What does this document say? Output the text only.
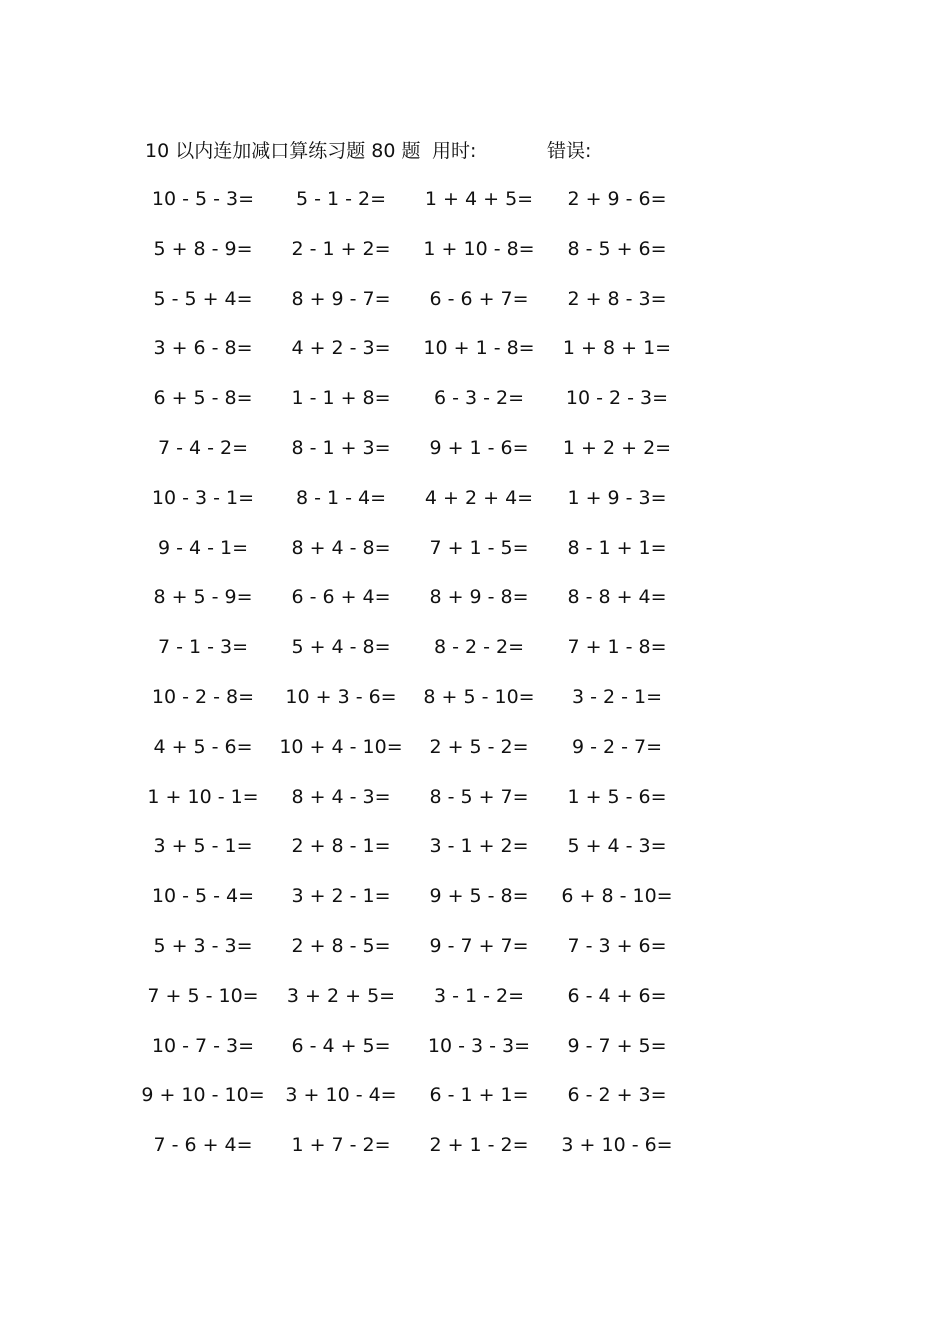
10 以内连加减口算练习题 80 题 用时:	错误:
10 - 5 - 3=	5 - 1 - 2=	1 + 4 + 5=	2 + 9 - 6=
5 + 8 - 9=	2 - 1 + 2=	1 + 10 - 8=	8 - 5 + 6=
5 - 5 + 4=	8 + 9 - 7=	6 - 6 + 7=	2 + 8 - 3=
3 + 6 - 8=	4 + 2 - 3=	10 + 1 - 8=	1 + 8 + 1=
6 + 5 - 8=	1 - 1 + 8=	6 - 3 - 2=	10 - 2 - 3=
7 - 4 - 2=	8 - 1 + 3=	9 + 1 - 6=	1 + 2 + 2=
10 - 3 - 1=	8 - 1 - 4=	4 + 2 + 4=	1 + 9 - 3=
9 - 4 - 1=	8 + 4 - 8=	7 + 1 - 5=	8 - 1 + 1=
8 + 5 - 9=	6 - 6 + 4=	8 + 9 - 8=	8 - 8 + 4=
7 - 1 - 3=	5 + 4 - 8=	8 - 2 - 2=	7 + 1 - 8=
10 - 2 - 8=	10 + 3 - 6=	8 + 5 - 10=	3 - 2 - 1=
4 + 5 - 6=	10 + 4 - 10=	2 + 5 - 2=	9 - 2 - 7=
1 + 10 - 1=	8 + 4 - 3=	8 - 5 + 7=	1 + 5 - 6=
3 + 5 - 1=	2 + 8 - 1=	3 - 1 + 2=	5 + 4 - 3=
10 - 5 - 4=	3 + 2 - 1=	9 + 5 - 8=	6 + 8 - 10=
5 + 3 - 3=	2 + 8 - 5=	9 - 7 + 7=	7 - 3 + 6=
7 + 5 - 10=	3 + 2 + 5=	3 - 1 - 2=	6 - 4 + 6=
10 - 7 - 3=	6 - 4 + 5=	10 - 3 - 3=	9 - 7 + 5=
9 + 10 - 10=	3 + 10 - 4=	6 - 1 + 1=	6 - 2 + 3=
7 - 6 + 4=	1 + 7 - 2=	2 + 1 - 2=	3 + 10 - 6=
